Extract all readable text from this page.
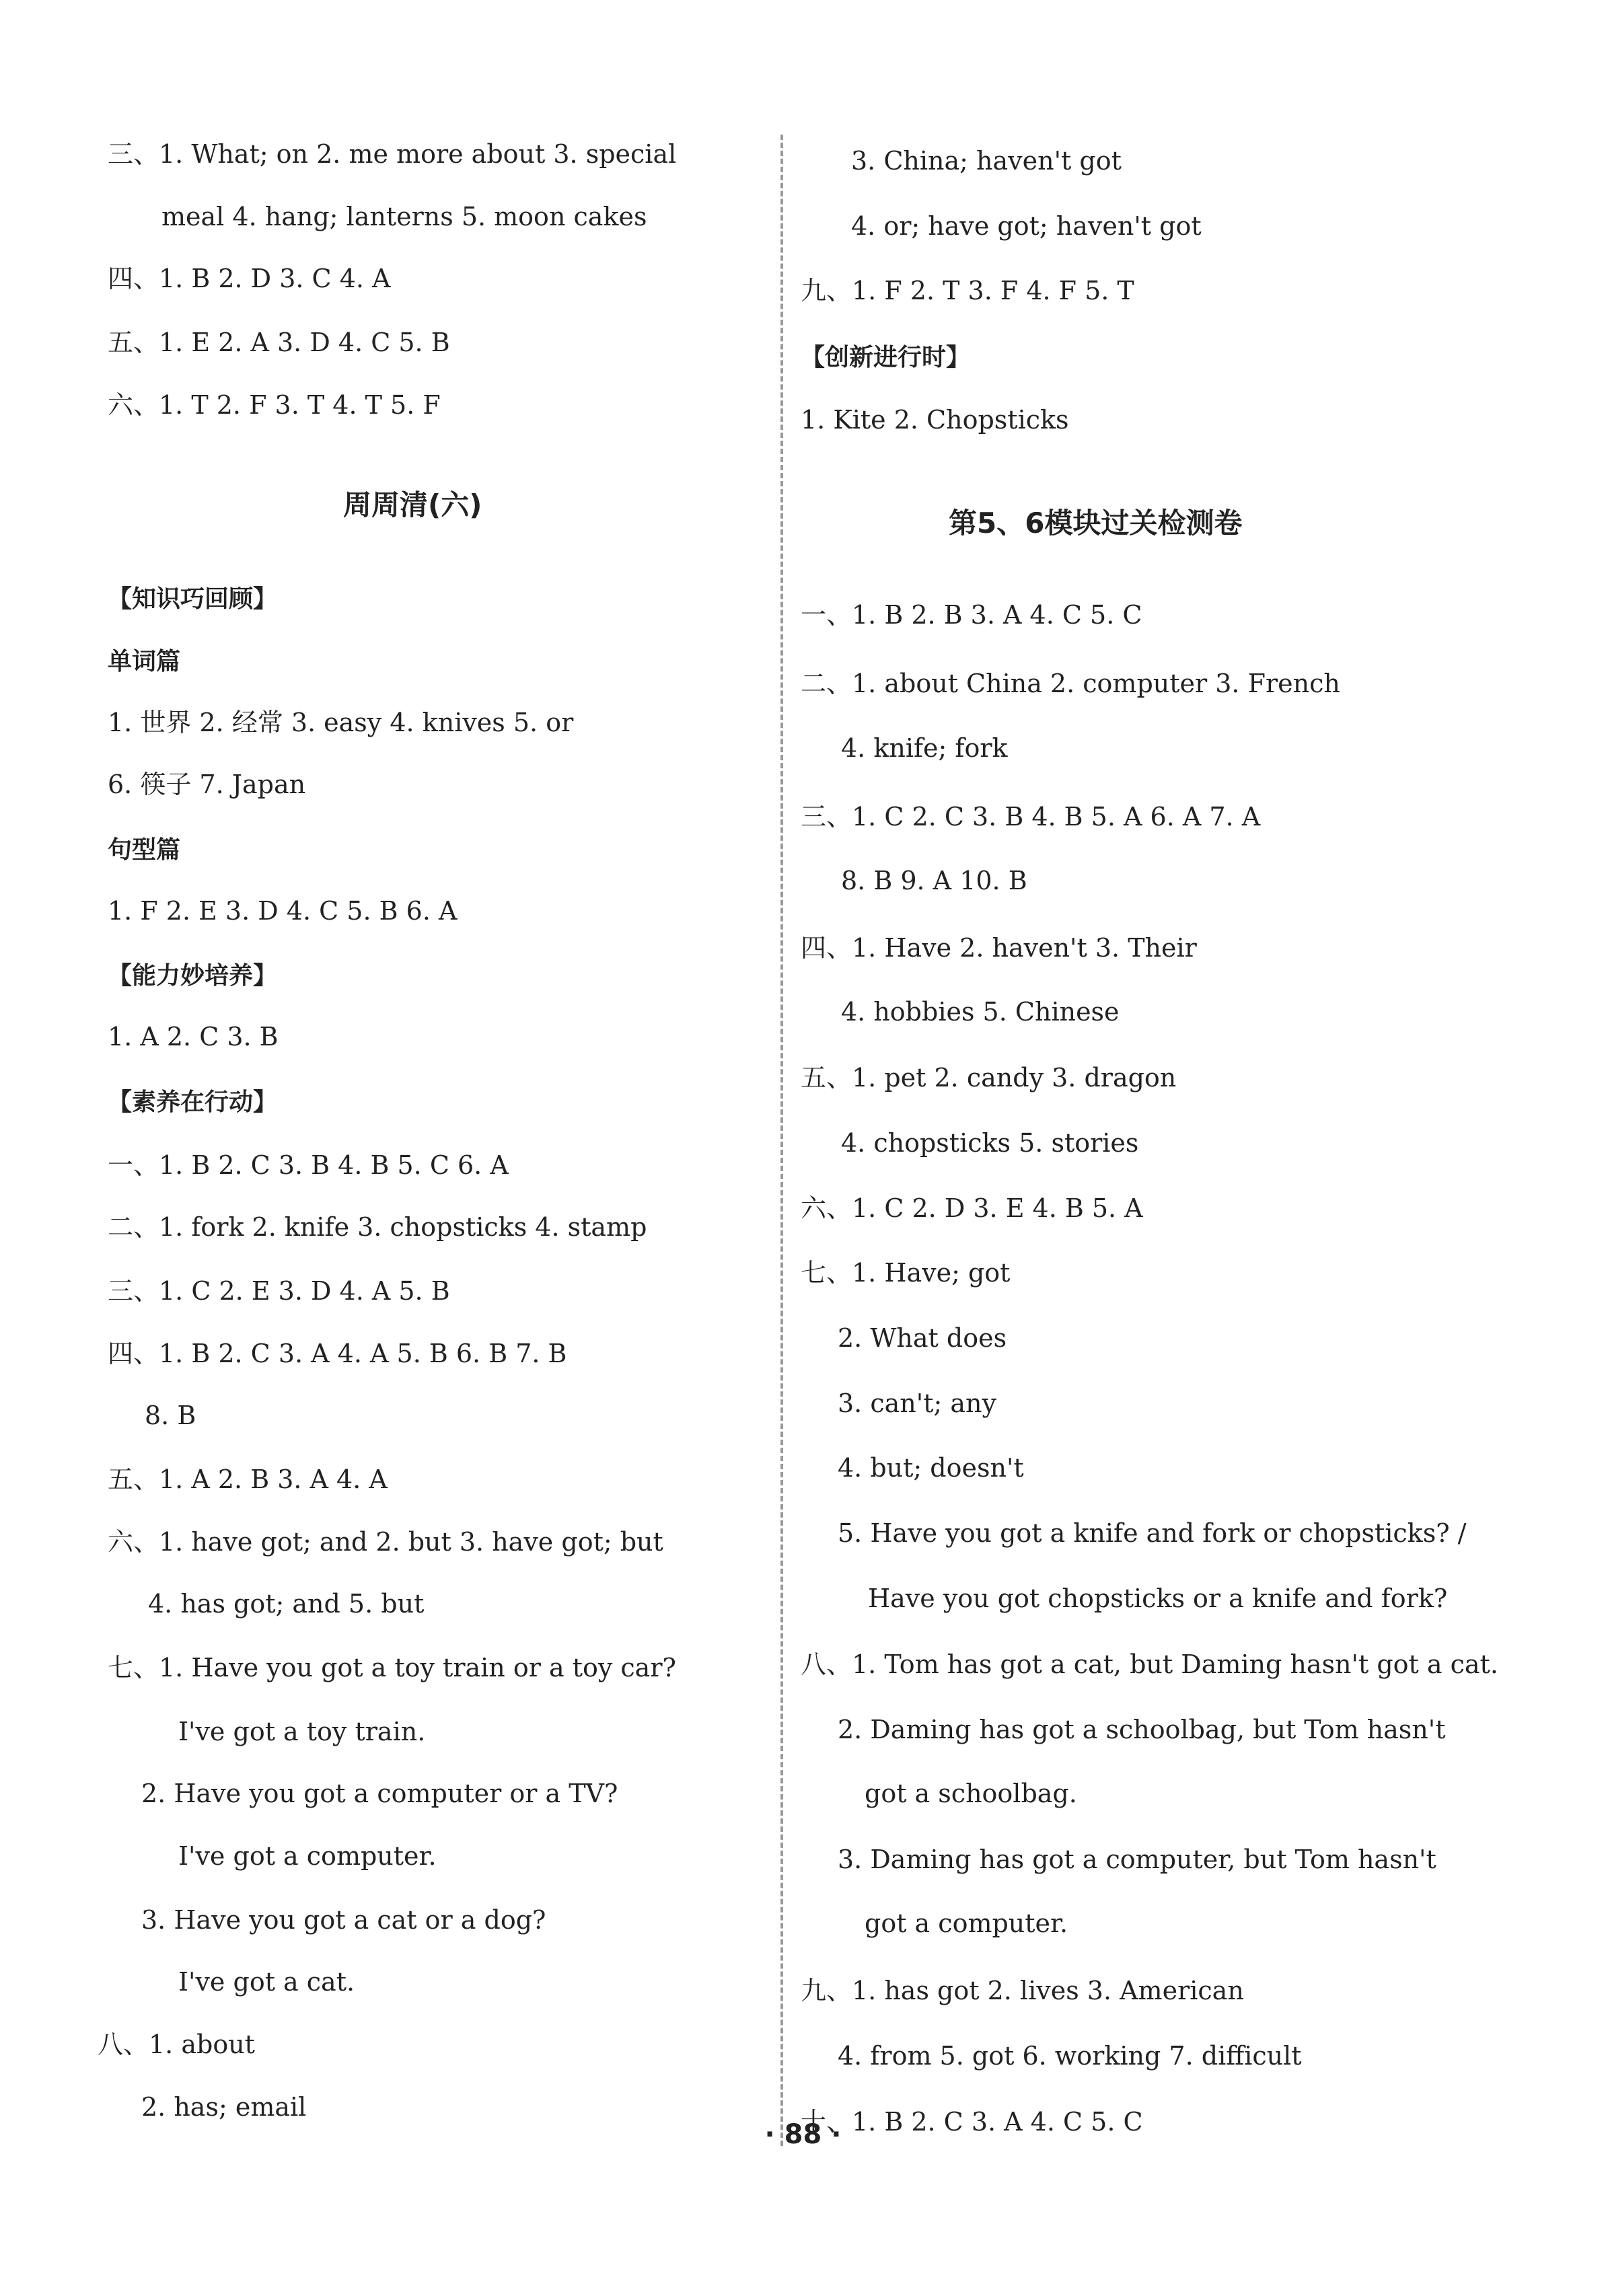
三、1. What; on 2. me more about 3. special
meal 4. hang; lanterns 5. moon cakes
四、1. B 2. D 3. C 4. A
五、1. E 2. A 3. D 4. C 5. B
六、1. T 2. F 3. T 4. T 5. F
周周清(六)
【知识巧回顾】
单词篇
1. 世界 2. 经常 3. easy 4. knives 5. or
6. 筷子 7. Japan
句型篇
1. F 2. E 3. D 4. C 5. B 6. A
【能力妙培养】
1. A 2. C 3. B
【素养在行动】
一、1. B 2. C 3. B 4. B 5. C 6. A
二、1. fork 2. knife 3. chopsticks 4. stamp
三、1. C 2. E 3. D 4. A 5. B
四、1. B 2. C 3. A 4. A 5. B 6. B 7. B
8. B
五、1. A 2. B 3. A 4. A
六、1. have got; and 2. but 3. have got; but
4. has got; and 5. but
七、1. Have you got a toy train or a toy car?
I've got a toy train.
2. Have you got a computer or a TV?
I've got a computer.
3. Have you got a cat or a dog?
I've got a cat.
八、1. about
2. has; email
3. China; haven't got
4. or; have got; haven't got
九、1. F 2. T 3. F 4. F 5. T
【创新进行时】
1. Kite 2. Chopsticks
第5、6模块过关检测卷
一、1. B 2. B 3. A 4. C 5. C
二、1. about China 2. computer 3. French
4. knife; fork
三、1. C 2. C 3. B 4. B 5. A 6. A 7. A
8. B 9. A 10. B
四、1. Have 2. haven't 3. Their
4. hobbies 5. Chinese
五、1. pet 2. candy 3. dragon
4. chopsticks 5. stories
六、1. C 2. D 3. E 4. B 5. A
七、1. Have; got
2. What does
3. can't; any
4. but; doesn't
5. Have you got a knife and fork or chopsticks? /
Have you got chopsticks or a knife and fork?
八、1. Tom has got a cat, but Daming hasn't got a cat.
2. Daming has got a schoolbag, but Tom hasn't
got a schoolbag.
3. Daming has got a computer, but Tom hasn't
got a computer.
九、1. has got 2. lives 3. American
4. from 5. got 6. working 7. difficult
十、1. B 2. C 3. A 4. C 5. C
· 88 ·
